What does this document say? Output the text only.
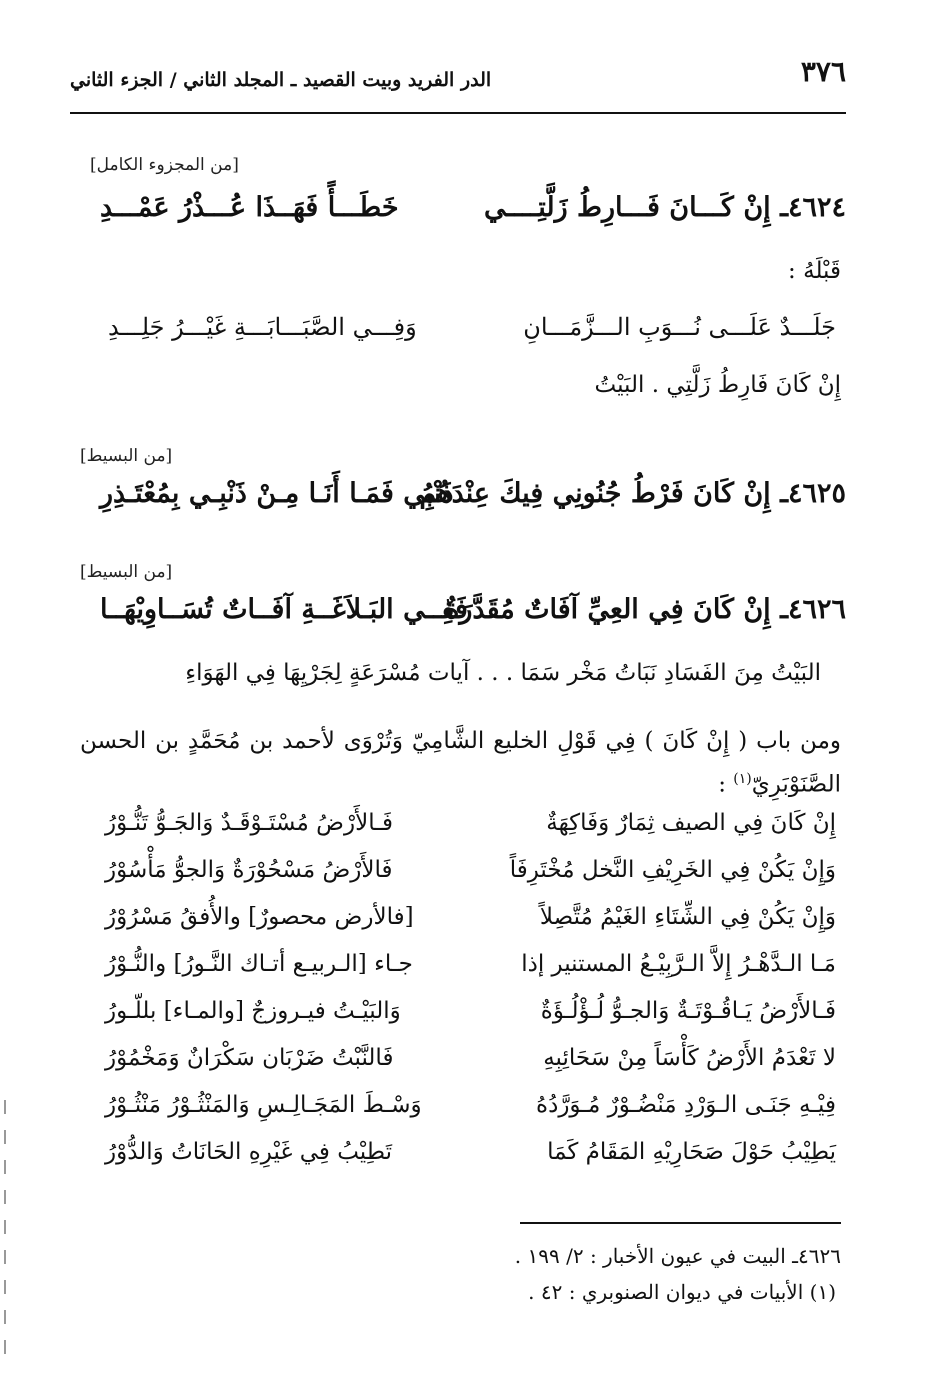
٣٧٦
الدر الفريد وبيت القصيد ـ المجلد الثاني / الجزء الثاني
[من المجزوء الكامل]
٤٦٢٤ـ إِنْ كَـــانَ فَـــارِطُ زَلَّتِــــي
خَطَـــأً فَهَــذَا عُـــذْرُ عَمْـــدِ
قَبْلَهُ :
جَلَـــدٌ عَلَـــى نُـــوَبِ الـــزَّمَـــانِ
وَفِـــي الصَّبَـــابَـــةِ غَيْـــرُ جَلِـــدِ
إِنْ كَانَ فَارِطُ زَلَّتِي . البَيْتُ
[من البسيط]
٤٦٢٥ـ إِنْ كَانَ فَرْطُ جُنُونِي فِيكَ عِنْدَهُمُ
ذَنْبِي فَمَـا أَنَـا مِـنْ ذَنْبِـي بِمُعْتَـذِرِ
[من البسيط]
٤٦٢٦ـ إِنْ كَانَ فِي العِيِّ آفَاتٌ مُقَدَّرَةٌ
فَفِــي البَـلاَغَــةِ آفَــاتٌ تُسَــاوِيْهَــا
البَيْتُ مِنَ الفَسَادِ نَبَاتُ مَخْر سَمَا . . . آيات مُسْرَعَةٍ لِجَرْيِهَا فِي الهَوَاءِ
ومن باب ( إِنْ كَانَ ) فِي قَوْلِ الخليع الشَّامِيّ وَتُرْوَى لأحمد بن مُحَمَّدٍ بن الحسن الصَّنَوْبَرِيّ$^{(١)}$ :
إِنْ كَانَ فِي الصيف ثِمَارٌ وَفَاكِهَةٌ
فَـالأَرْضُ مُسْتَـوْقَـدٌ وَالجَـوُّ تَنُّـوْرُ
وَإِنْ يَكُنْ فِي الخَرِيْفِ النَّخل مُخْتَرِفَاً
فَالأَرْضُ مَسْحُوْرَةٌ وَالجوُّ مَأْسُوْرُ
وَإِنْ يَكُنْ فِي الشِّتَاءِ الغَيْمُ مُتَّصِلاً
[فالأرض محصورٌ] والأُفقُ مَسْرُوْرُ
مَـا الـدَّهْـرُ إِلاَّ الـرَّبِيْـعُ المستنير إذا
جـاء [الـربيـع أتـاك النَّـورُ] والنُّـوْرُ
فَـالأَرْضُ يَـاقُـوْتَـةٌ وَالجـوُّ لُـؤْلُـؤَةٌ
وَالبَيْـتُ فيـروزجٌ [والمـاء] بللّـورُ
لا تَعْدَمُ الأَرْضُ كَأْسَاً مِنْ سَحَائِبِهِ
فَالنَّبْتُ ضَرْبَان سَكْرَانٌ وَمَخْمُوْرُ
فِيْـهِ جَنَـى الـوَرْدِ مَنْضُـوْرٌ مُـوَرَّدُهُ
وَسْـطَ المَجَـالِـسِ وَالمَنْثُـوْرُ مَنْثُـوْرُ
يَطِيْبُ حَوْلَ صَحَارِيْهِ المَقَامُ كَمَا
تَطِيْبُ فِي غَيْرِهِ الحَانَاتُ وَالدُّوْرُ
٤٦٢٦ـ البيت في عيون الأخبار : ٢/ ١٩٩ .
(١) الأبيات في ديوان الصنوبري : ٤٢ .
